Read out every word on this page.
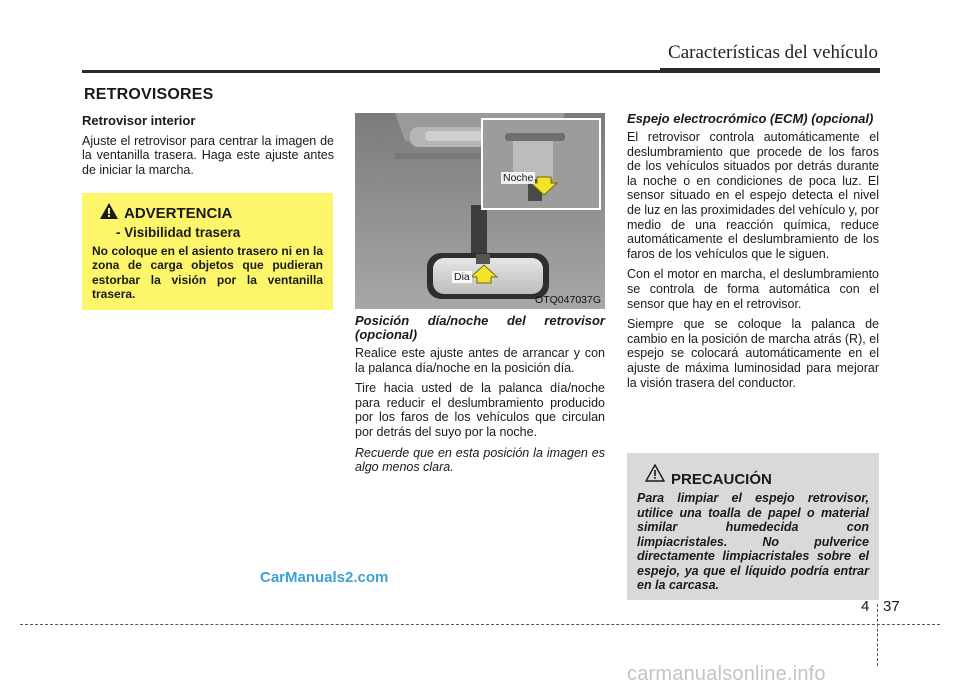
Características del vehículo
RETROVISORES
Retrovisor interior

Ajuste el retrovisor para centrar la imagen de la ventanilla trasera. Haga este ajuste antes de iniciar la marcha.

ADVERTENCIA
- Visibilidad trasera
No coloque en el asiento trasero ni en la zona de carga objetos que pudieran estorbar la visión por la ventanilla trasera.
Noche
Dia
OTQ047037G
Posición día/noche del retrovisor (opcional)

Realice este ajuste antes de arrancar y con la palanca día/noche en la posición día.

Tire hacia usted de la palanca día/noche para reducir el deslumbramiento producido por los faros de los vehículos que circulan por detrás del suyo por la noche.

Recuerde que en esta posición la imagen es algo menos clara.

Espejo electrocrómico (ECM) (opcional)

El retrovisor controla automáticamente el deslumbramiento que procede de los faros de los vehículos situados por detrás durante la noche o en condiciones de poca luz. El sensor situado en el espejo detecta el nivel de luz en las proximidades del vehículo y, por medio de una reacción química, reduce automáticamente el deslumbramiento de los faros de los vehículos que le siguen.

Con el motor en marcha, el deslumbramiento se controla de forma automática con el sensor que hay en el retrovisor.

Siempre que se coloque la palanca de cambio en la posición de marcha atrás (R), el espejo se colocará automáticamente en el ajuste de máxima luminosidad para mejorar la visión trasera del conductor.

PRECAUCIÓN
Para limpiar el espejo retrovisor, utilice una toalla de papel o material similar humedecida con limpiacristales. No pulverice directamente limpiacristales sobre el espejo, ya que el líquido podría entrar en la carcasa.
CarManuals2.com
4 37
carmanualsonline.info
